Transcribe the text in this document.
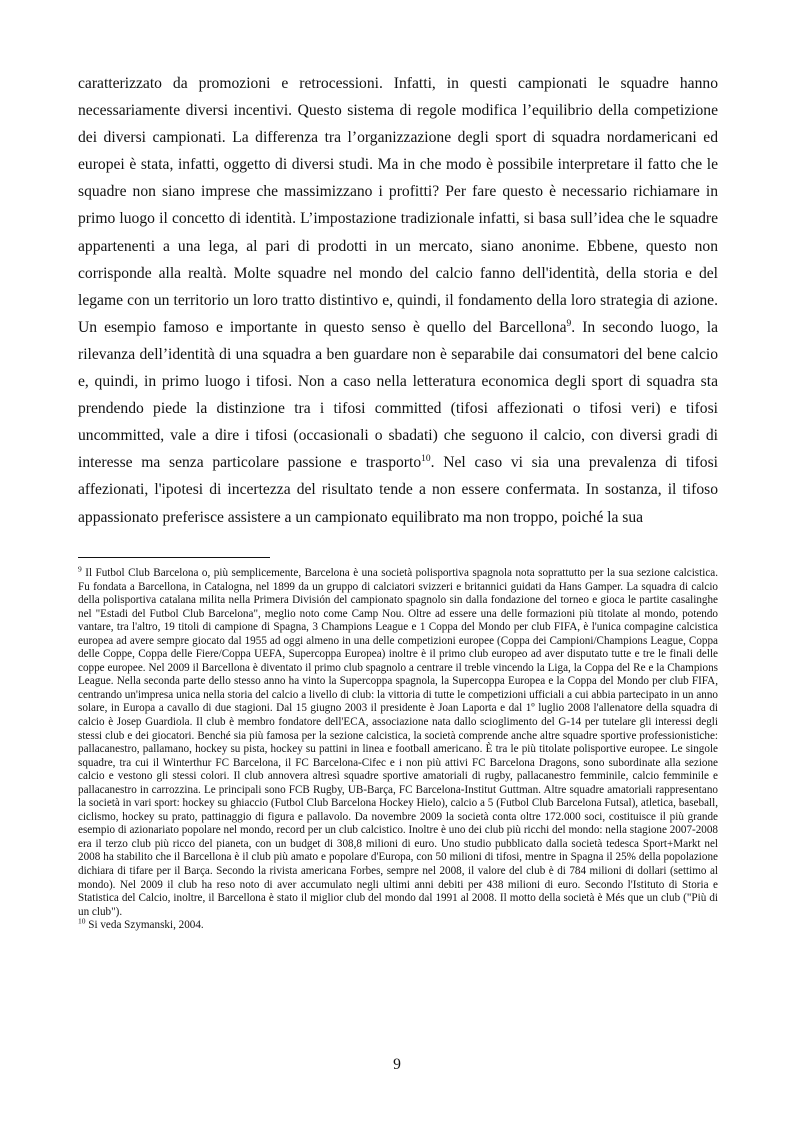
caratterizzato da promozioni e retrocessioni. Infatti, in questi campionati le squadre hanno necessariamente diversi incentivi. Questo sistema di regole modifica l’equilibrio della competizione dei diversi campionati. La differenza tra l’organizzazione degli sport di squadra nordamericani ed europei è stata, infatti, oggetto di diversi studi. Ma in che modo è possibile interpretare il fatto che le squadre non siano imprese che massimizzano i profitti? Per fare questo è necessario richiamare in primo luogo il concetto di identità. L’impostazione tradizionale infatti, si basa sull’idea che le squadre appartenenti a una lega, al pari di prodotti in un mercato, siano anonime. Ebbene, questo non corrisponde alla realtà. Molte squadre nel mondo del calcio fanno dell'identità, della storia e del legame con un territorio un loro tratto distintivo e, quindi, il fondamento della loro strategia di azione. Un esempio famoso e importante in questo senso è quello del Barcellona$^9$. In secondo luogo, la rilevanza dell’identità di una squadra a ben guardare non è separabile dai consumatori del bene calcio e, quindi, in primo luogo i tifosi. Non a caso nella letteratura economica degli sport di squadra sta prendendo piede la distinzione tra i tifosi committed (tifosi affezionati o tifosi veri) e tifosi uncommitted, vale a dire i tifosi (occasionali o sbadati) che seguono il calcio, con diversi gradi di interesse ma senza particolare passione e trasporto$^{10}$. Nel caso vi sia una prevalenza di tifosi affezionati, l'ipotesi di incertezza del risultato tende a non essere confermata. In sostanza, il tifoso appassionato preferisce assistere a un campionato equilibrato ma non troppo, poiché la sua

$^9$ Il Futbol Club Barcelona o, più semplicemente, Barcelona è una società polisportiva spagnola nota soprattutto per la sua sezione calcistica. Fu fondata a Barcellona, in Catalogna, nel 1899 da un gruppo di calciatori svizzeri e britannici guidati da Hans Gamper. La squadra di calcio della polisportiva catalana milita nella Primera División del campionato spagnolo sin dalla fondazione del torneo e gioca le partite casalinghe nel "Estadi del Futbol Club Barcelona", meglio noto come Camp Nou. Oltre ad essere una delle formazioni più titolate al mondo, potendo vantare, tra l'altro, 19 titoli di campione di Spagna, 3 Champions League e 1 Coppa del Mondo per club FIFA, è l'unica compagine calcistica europea ad avere sempre giocato dal 1955 ad oggi almeno in una delle competizioni europee (Coppa dei Campioni/Champions League, Coppa delle Coppe, Coppa delle Fiere/Coppa UEFA, Supercoppa Europea) inoltre è il primo club europeo ad aver disputato tutte e tre le finali delle coppe europee. Nel 2009 il Barcellona è diventato il primo club spagnolo a centrare il treble vincendo la Liga, la Coppa del Re e la Champions League. Nella seconda parte dello stesso anno ha vinto la Supercoppa spagnola, la Supercoppa Europea e la Coppa del Mondo per club FIFA, centrando un'impresa unica nella storia del calcio a livello di club: la vittoria di tutte le competizioni ufficiali a cui abbia partecipato in un anno solare, in Europa a cavallo di due stagioni. Dal 15 giugno 2003 il presidente è Joan Laporta e dal 1º luglio 2008 l'allenatore della squadra di calcio è Josep Guardiola. Il club è membro fondatore dell'ECA, associazione nata dallo scioglimento del G-14 per tutelare gli interessi degli stessi club e dei giocatori. Benché sia più famosa per la sezione calcistica, la società comprende anche altre squadre sportive professionistiche: pallacanestro, pallamano, hockey su pista, hockey su pattini in linea e football americano. È tra le più titolate polisportive europee. Le singole squadre, tra cui il Winterthur FC Barcelona, il FC Barcelona-Cifec e i non più attivi FC Barcelona Dragons, sono subordinate alla sezione calcio e vestono gli stessi colori. Il club annovera altresì squadre sportive amatoriali di rugby, pallacanestro femminile, calcio femminile e pallacanestro in carrozzina. Le principali sono FCB Rugby, UB-Barça, FC Barcelona-Institut Guttman. Altre squadre amatoriali rappresentano la società in vari sport: hockey su ghiaccio (Futbol Club Barcelona Hockey Hielo), calcio a 5 (Futbol Club Barcelona Futsal), atletica, baseball, ciclismo, hockey su prato, pattinaggio di figura e pallavolo. Da novembre 2009 la società conta oltre 172.000 soci, costituisce il più grande esempio di azionariato popolare nel mondo, record per un club calcistico. Inoltre è uno dei club più ricchi del mondo: nella stagione 2007-2008 era il terzo club più ricco del pianeta, con un budget di 308,8 milioni di euro. Uno studio pubblicato dalla società tedesca Sport+Markt nel 2008 ha stabilito che il Barcellona è il club più amato e popolare d'Europa, con 50 milioni di tifosi, mentre in Spagna il 25% della popolazione dichiara di tifare per il Barça. Secondo la rivista americana Forbes, sempre nel 2008, il valore del club è di 784 milioni di dollari (settimo al mondo). Nel 2009 il club ha reso noto di aver accumulato negli ultimi anni debiti per 438 milioni di euro. Secondo l'Istituto di Storia e Statistica del Calcio, inoltre, il Barcellona è stato il miglior club del mondo dal 1991 al 2008. Il motto della società è Més que un club ("Più di un club").

$^{10}$ Si veda Szymanski, 2004.

9
